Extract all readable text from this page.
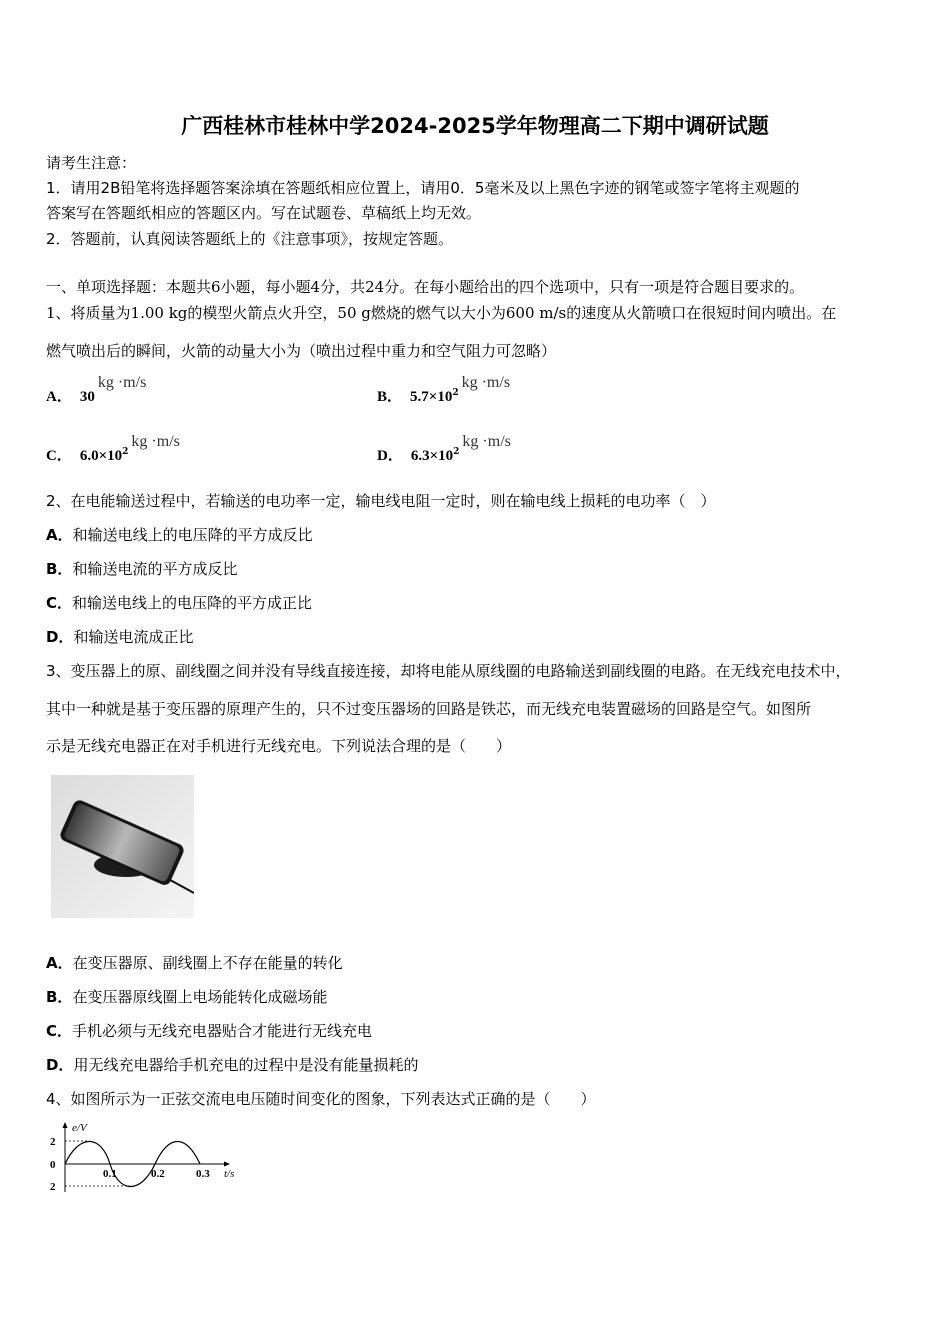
广西桂林市桂林中学2024-2025学年物理高二下期中调研试题
请考生注意：
1．请用2B铅笔将选择题答案涂填在答题纸相应位置上，请用0．5毫米及以上黑色字迹的钢笔或签字笔将主观题的
答案写在答题纸相应的答题区内。写在试题卷、草稿纸上均无效。
2．答题前，认真阅读答题纸上的《注意事项》，按规定答题。
一、单项选择题：本题共6小题，每小题4分，共24分。在每小题给出的四个选项中，只有一项是符合题目要求的。
1、将质量为1.00 kg的模型火箭点火升空，50 g燃烧的燃气以大小为600 m/s的速度从火箭喷口在很短时间内喷出。在
燃气喷出后的瞬间，火箭的动量大小为（喷出过程中重力和空气阻力可忽略）
A． 30kg ·m/s
B． $5.7\times 10^2kg \cdot m/s$
C． $6.0\times 10^2kg \cdot m/s$
D． $6.3\times 10^2kg \cdot m/s$
2、在电能输送过程中，若输送的电功率一定，输电线电阻一定时，则在输电线上损耗的电功率（　）
A．和输送电线上的电压降的平方成反比
B．和输送电流的平方成反比
C．和输送电线上的电压降的平方成正比
D．和输送电流成正比
3、变压器上的原、副线圈之间并没有导线直接连接，却将电能从原线圈的电路输送到副线圈的电路。在无线充电技术中，
其中一种就是基于变压器的原理产生的，只不过变压器场的回路是铁芯，而无线充电装置磁场的回路是空气。如图所
示是无线充电器正在对手机进行无线充电。下列说法合理的是（　　）
A．在变压器原、副线圈上不存在能量的转化
B．在变压器原线圈上电场能转化成磁场能
C．手机必须与无线充电器贴合才能进行无线充电
D．用无线充电器给手机充电的过程中是没有能量损耗的
4、如图所示为一正弦交流电电压随时间变化的图象，下列表达式正确的是（　　）
e/V
2
0
2
0.1	0.2	0.3 t/s
